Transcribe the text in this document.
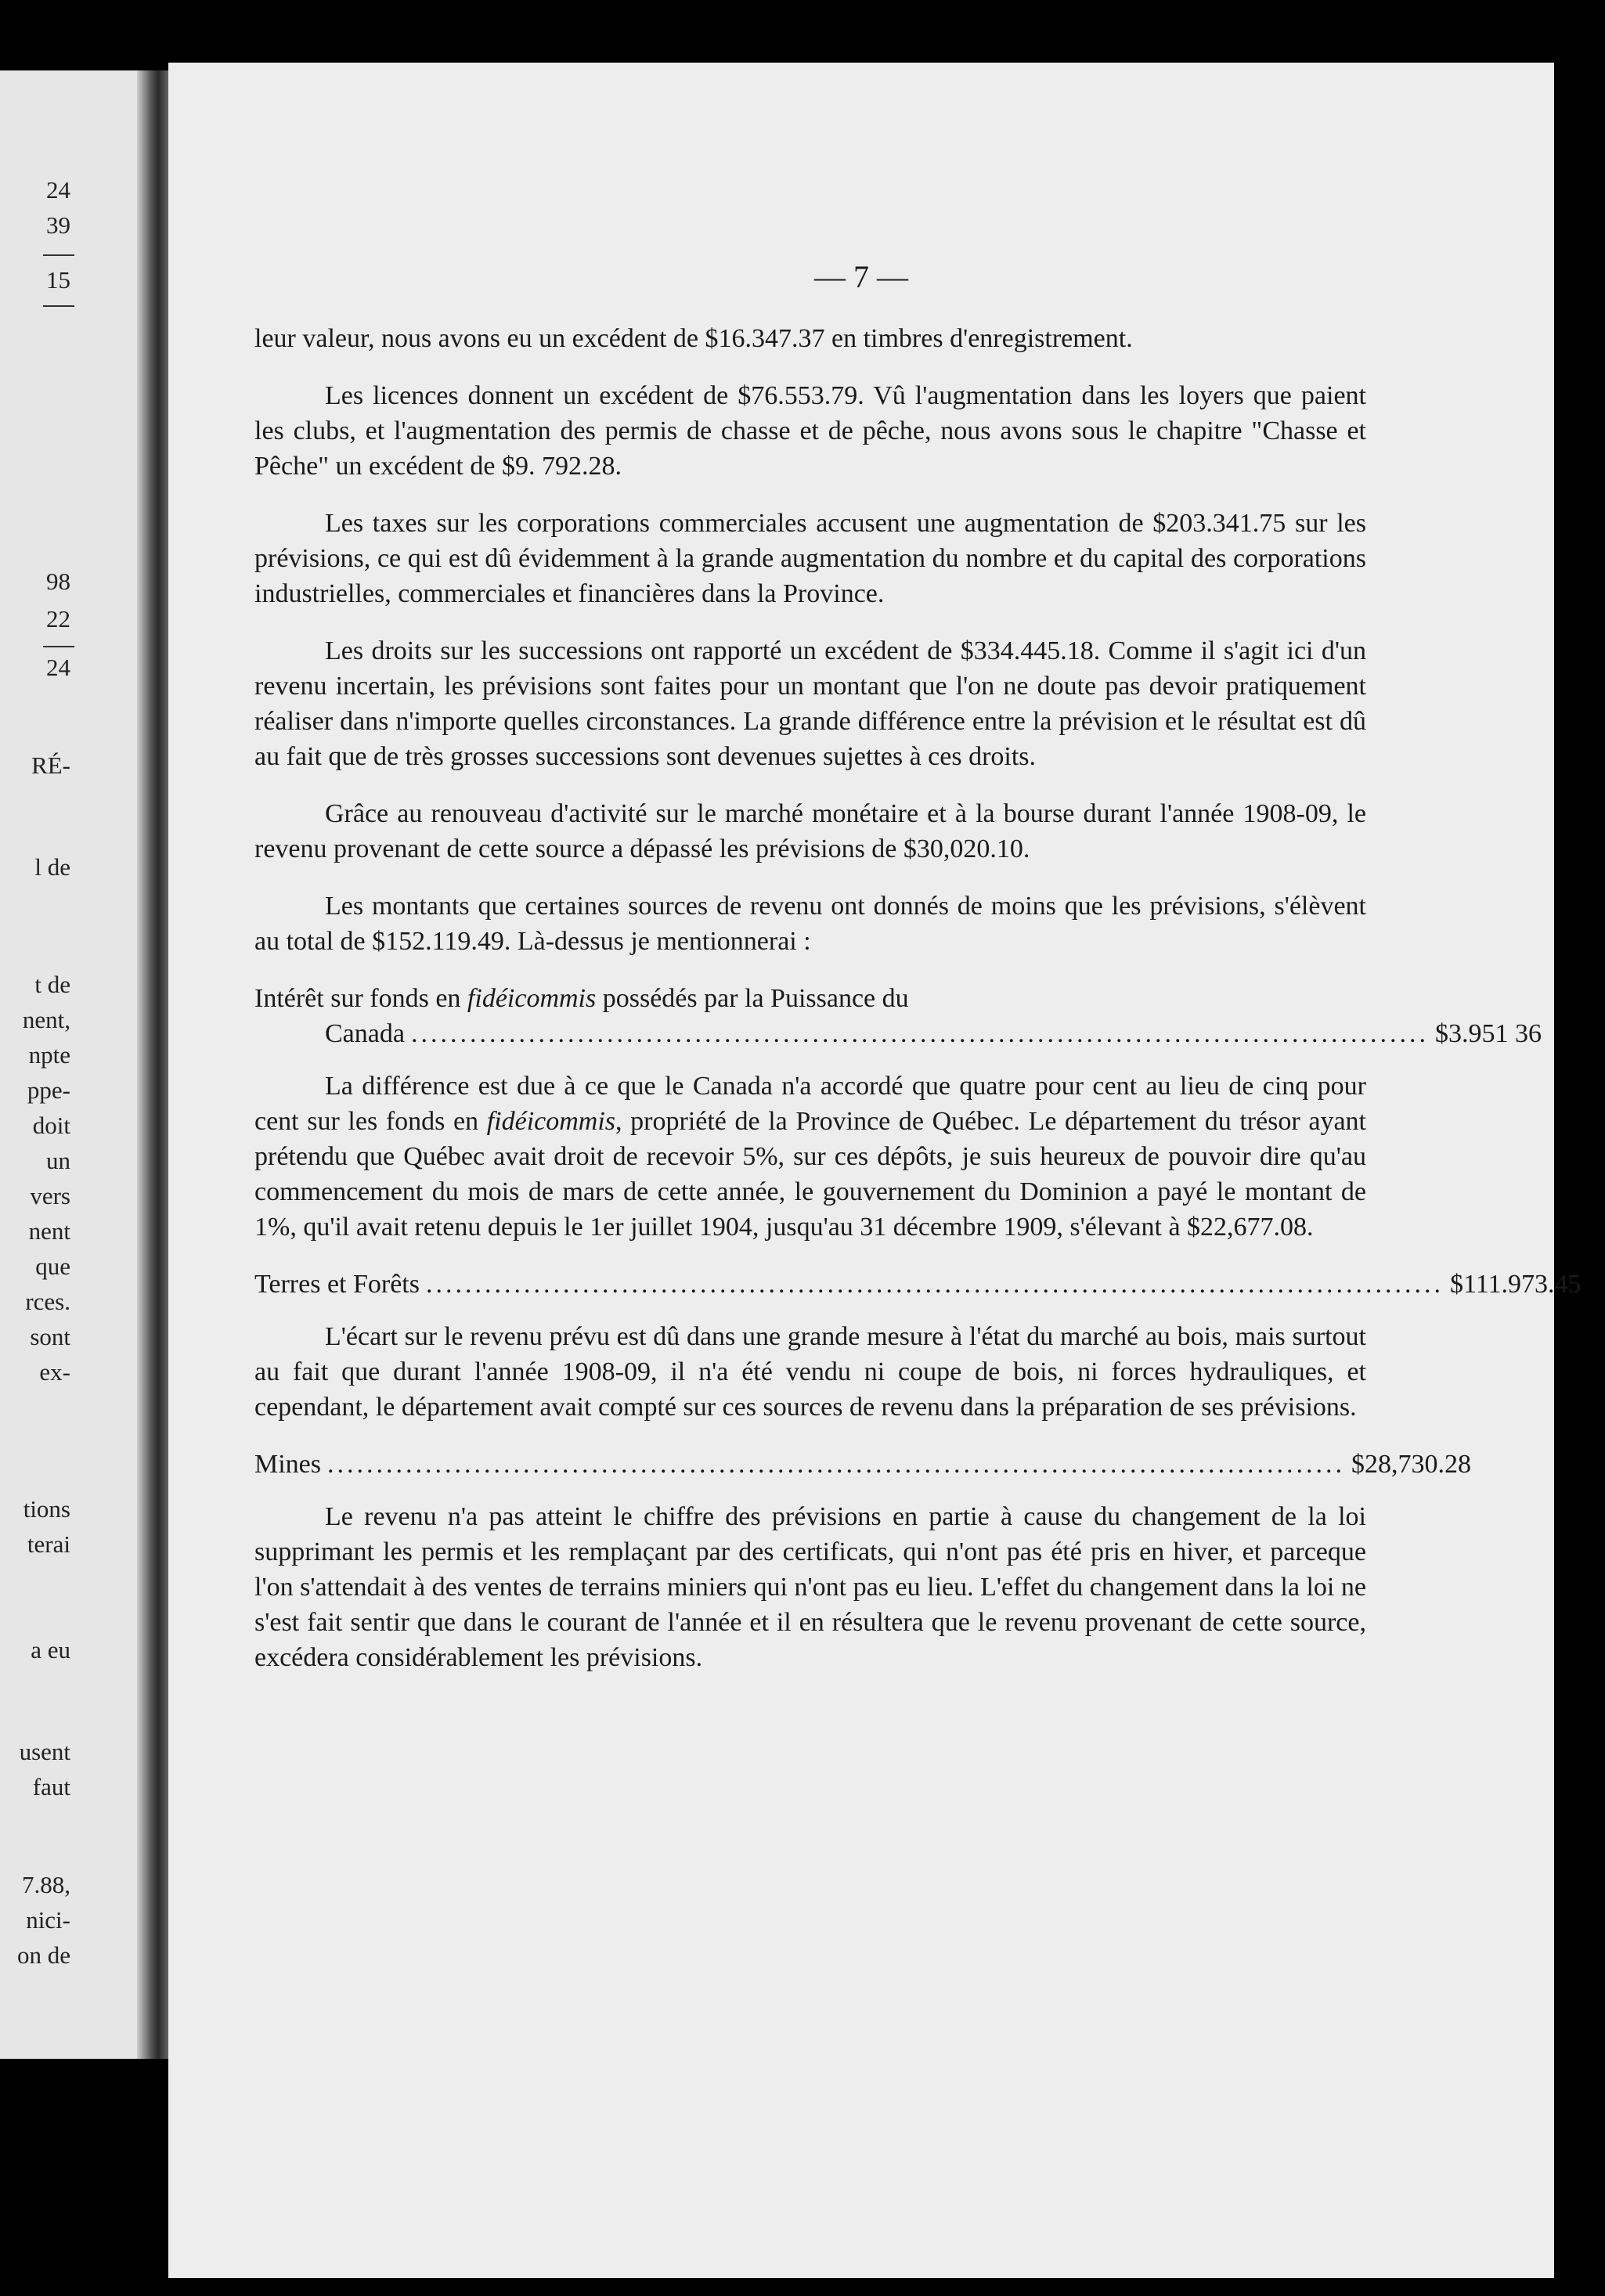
24
39
15
98
22
24
RÉ-
l de
t de
nent,
npte
ppe-
doit
un
vers
nent
que
rces.
sont
ex-
tions
terai
a eu
usent
faut
7.88,
nici-
on de
— 7 —

leur valeur, nous avons eu un excédent de $16.347.37 en timbres d'enregistrement.

Les licences donnent un excédent de $76.553.79. Vû l'augmentation dans les loyers que paient les clubs, et l'augmentation des permis de chasse et de pêche, nous avons sous le chapitre "Chasse et Pêche" un excédent de $9. 792.28.

Les taxes sur les corporations commerciales accusent une augmentation de $203.341.75 sur les prévisions, ce qui est dû évidemment à la grande augmentation du nombre et du capital des corporations industrielles, commerciales et financières dans la Province.

Les droits sur les successions ont rapporté un excédent de $334.445.18. Comme il s'agit ici d'un revenu incertain, les prévisions sont faites pour un montant que l'on ne doute pas devoir pratiquement réaliser dans n'importe quelles circonstances. La grande différence entre la prévision et le résultat est dû au fait que de très grosses successions sont devenues sujettes à ces droits.

Grâce au renouveau d'activité sur le marché monétaire et à la bourse durant l'année 1908-09, le revenu provenant de cette source a dépassé les prévisions de $30,020.10.

Les montants que certaines sources de revenu ont donnés de moins que les prévisions, s'élèvent au total de $152.119.49. Là-dessus je mentionnerai :

Intérêt sur fonds en fidéicommis possédés par la Puissance du
Canada ........................................................................................................ $3.951 36

La différence est due à ce que le Canada n'a accordé que quatre pour cent au lieu de cinq pour cent sur les fonds en fidéicommis, propriété de la Province de Québec. Le département du trésor ayant prétendu que Québec avait droit de recevoir 5%, sur ces dépôts, je suis heureux de pouvoir dire qu'au commencement du mois de mars de cette année, le gouvernement du Dominion a payé le montant de 1%, qu'il avait retenu depuis le 1er juillet 1904, jusqu'au 31 décembre 1909, s'élevant à $22,677.08.

Terres et Forêts ........................................................................................................ $111.973.45

L'écart sur le revenu prévu est dû dans une grande mesure à l'état du marché au bois, mais surtout au fait que durant l'année 1908-09, il n'a été vendu ni coupe de bois, ni forces hydrauliques, et cependant, le département avait compté sur ces sources de revenu dans la préparation de ses prévisions.

Mines ........................................................................................................ $28,730.28

Le revenu n'a pas atteint le chiffre des prévisions en partie à cause du changement de la loi supprimant les permis et les remplaçant par des certificats, qui n'ont pas été pris en hiver, et parceque l'on s'attendait à des ventes de terrains miniers qui n'ont pas eu lieu. L'effet du changement dans la loi ne s'est fait sentir que dans le courant de l'année et il en résultera que le revenu provenant de cette source, excédera considérablement les prévisions.
